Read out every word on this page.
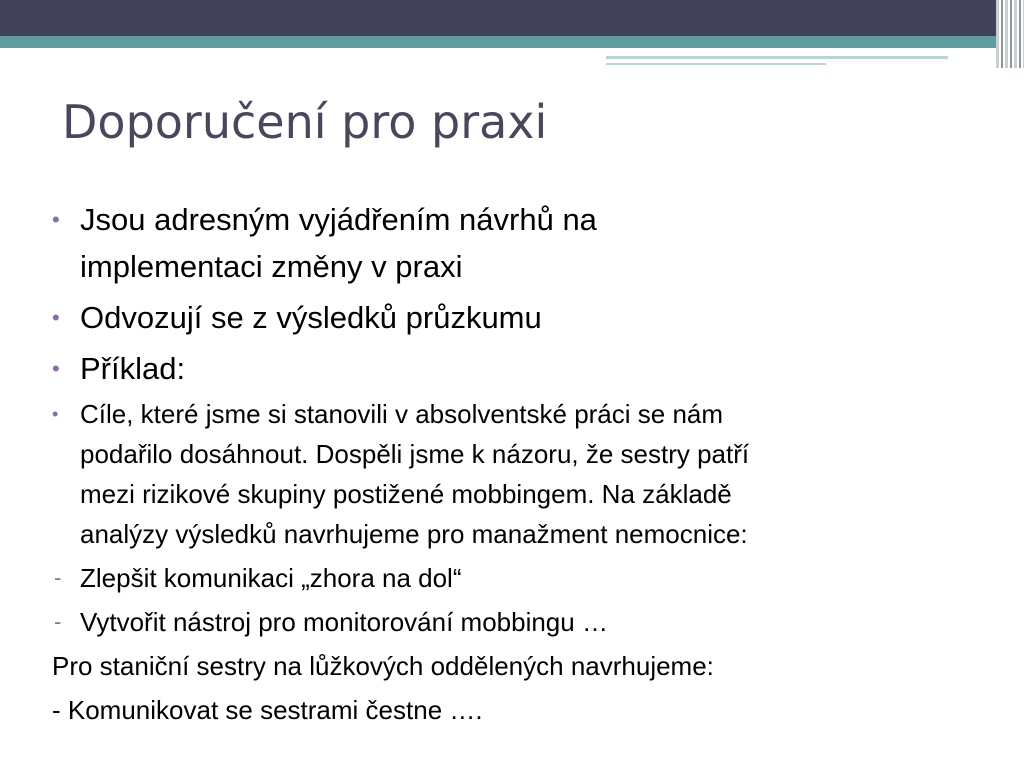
Doporučení pro praxi
• Jsou adresným vyjádřením návrhů na
implementaci změny v praxi
• Odvozují se z výsledků průzkumu
• Příklad:
• Cíle, které jsme si stanovili v absolventské práci se nám
podařilo dosáhnout. Dospěli jsme k názoru, že sestry patří
mezi rizikové skupiny postižené mobbingem. Na základě
analýzy výsledků navrhujeme pro manažment nemocnice:
- Zlepšit komunikaci „zhora na dol“
- Vytvořit nástroj pro monitorování mobbingu …

Pro staniční sestry na lůžkových oddělených navrhujeme:

- Komunikovat se sestrami čestne ….
